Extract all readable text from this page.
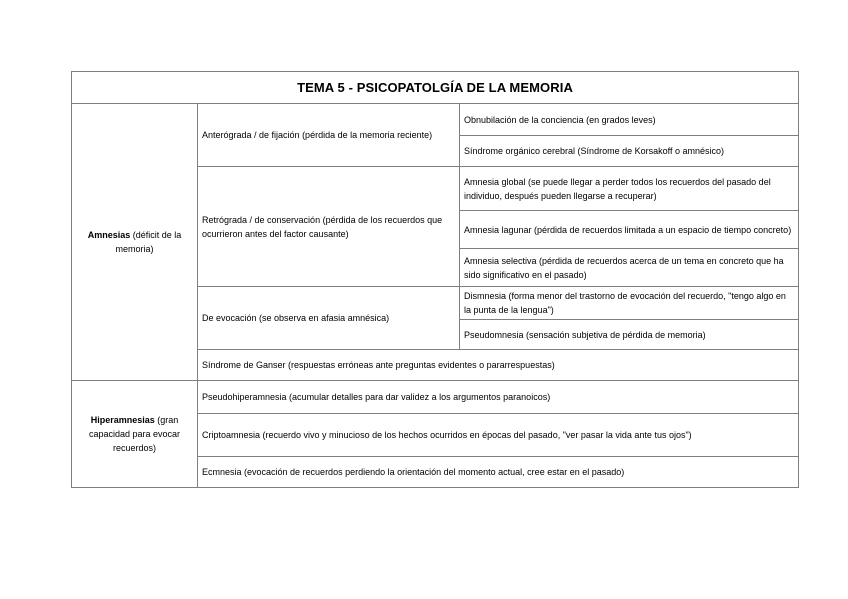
TEMA 5 - PSICOPATOLGÍA DE LA MEMORIA		
Amnesias (déficit de la memoria)	Anterógrada / de fijación (pérdida de la memoria reciente)	Obnubilación de la conciencia (en grados leves)
		Síndrome orgánico cerebral (Síndrome de Korsakoff o amnésico)
	Retrógrada / de conservación (pérdida de los recuerdos que ocurrieron antes del factor causante)	Amnesia global (se puede llegar a perder todos los recuerdos del pasado del individuo, después pueden llegarse a recuperar)
		Amnesia lagunar (pérdida de recuerdos limitada a un espacio de tiempo concreto)
		Amnesia selectiva (pérdida de recuerdos acerca de un tema en concreto que ha sido significativo en el pasado)
	De evocación (se observa en afasia amnésica)	Dismnesia (forma menor del trastorno de evocación del recuerdo, "tengo algo en la punta de la lengua")
		Pseudomnesia (sensación subjetiva de pérdida de memoria)
	Síndrome de Ganser (respuestas erróneas ante preguntas evidentes o pararrespuestas)	
Hiperamnesias (gran capacidad para evocar recuerdos)	Pseudohiperamnesia (acumular detalles para dar validez a los argumentos paranoicos)	
	Criptoamnesia (recuerdo vivo y minucioso de los hechos ocurridos en épocas del pasado, "ver pasar la vida ante tus ojos")	
	Ecmnesia (evocación de recuerdos perdiendo la orientación del momento actual, cree estar en el pasado)	
